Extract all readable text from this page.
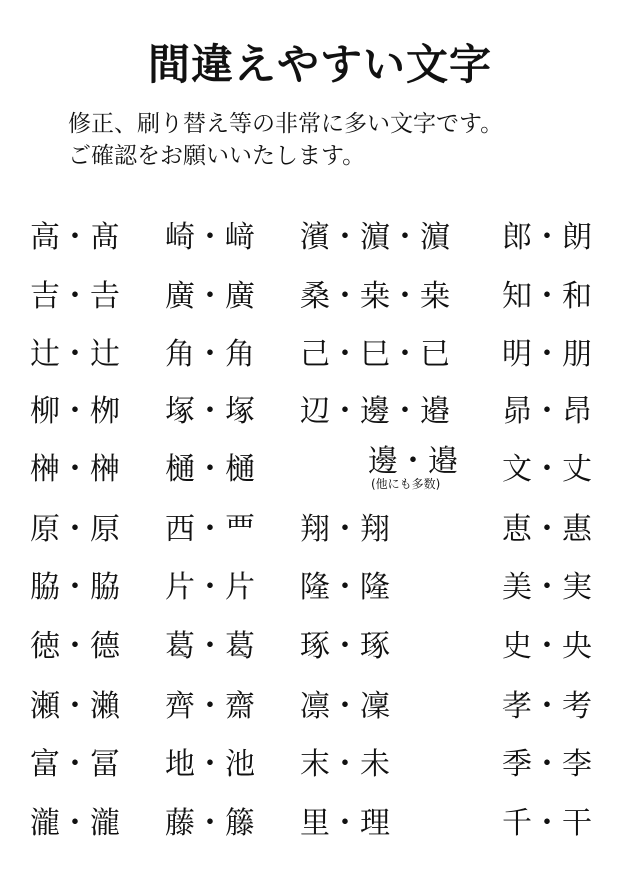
間違えやすい文字
修正、刷り替え等の非常に多い文字です。
ご確認をお願いいたします。
高・髙
吉・𠮷
辻・辻
柳・栁
榊・榊
原・𠩤
脇・脇
徳・德
瀬・瀨
富・冨
瀧・瀧
崎・﨑
廣・廣
角・角
塚・塚
樋・樋
西・覀
片・片
葛・葛
齊・齋
地・池
藤・籐
濱・濵・濵
桑・桒・桒
己・巳・已
辺・邊・邉
邊・邉
翔・翔
隆・隆
琢・琢
凛・凜
末・未
里・理
郎・朗
知・和
明・朋
昴・昂
文・丈
恵・惠
美・実
史・央
孝・考
季・李
千・干
(他にも多数)
